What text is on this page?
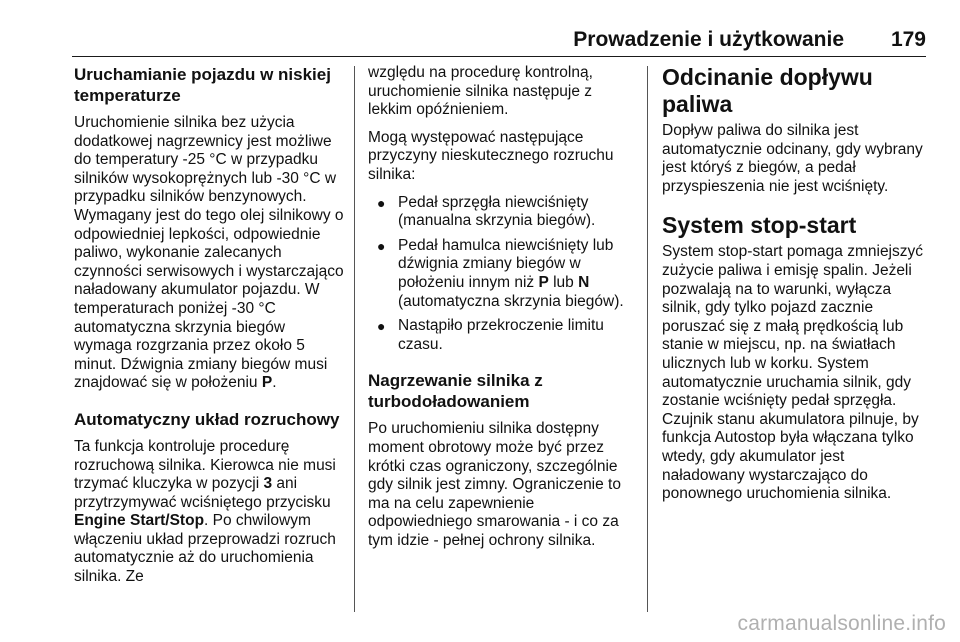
Prowadzenie i użytkowanie 179
Uruchamianie pojazdu w niskiej temperaturze

Uruchomienie silnika bez użycia dodatkowej nagrzewnicy jest możliwe do temperatury -25 °C w przypadku silników wysokoprężnych lub -30 °C w przypadku silników benzynowych. Wymagany jest do tego olej silnikowy o odpowiedniej lepkości, odpowiednie paliwo, wykonanie zalecanych czynności serwisowych i wystarczająco naładowany akumulator pojazdu. W temperaturach poniżej -30 °C automatyczna skrzynia biegów wymaga rozgrzania przez około 5 minut. Dźwignia zmiany biegów musi znajdować się w położeniu P.

Automatyczny układ rozruchowy

Ta funkcja kontroluje procedurę rozruchową silnika. Kierowca nie musi trzymać kluczyka w pozycji 3 ani przytrzymywać wciśniętego przycisku Engine Start/Stop. Po chwilowym włączeniu układ przeprowadzi rozruch automatycznie aż do uruchomienia silnika. Ze

względu na procedurę kontrolną, uruchomienie silnika następuje z lekkim opóźnieniem.

Mogą występować następujące przyczyny nieskutecznego rozruchu silnika:

● Pedał sprzęgła niewciśnięty (manualna skrzynia biegów).
● Pedał hamulca niewciśnięty lub dźwignia zmiany biegów w położeniu innym niż P lub N (automatyczna skrzynia biegów).
● Nastąpiło przekroczenie limitu czasu.
Nagrzewanie silnika z turbodoładowaniem

Po uruchomieniu silnika dostępny moment obrotowy może być przez krótki czas ograniczony, szczególnie gdy silnik jest zimny. Ograniczenie to ma na celu zapewnienie odpowiedniego smarowania - i co za tym idzie - pełnej ochrony silnika.

Odcinanie dopływu paliwa

Dopływ paliwa do silnika jest automatycznie odcinany, gdy wybrany jest któryś z biegów, a pedał przyspieszenia nie jest wciśnięty.

System stop-start

System stop-start pomaga zmniejszyć zużycie paliwa i emisję spalin. Jeżeli pozwalają na to warunki, wyłącza silnik, gdy tylko pojazd zacznie poruszać się z małą prędkością lub stanie w miejscu, np. na światłach ulicznych lub w korku. System automatycznie uruchamia silnik, gdy zostanie wciśnięty pedał sprzęgła. Czujnik stanu akumulatora pilnuje, by funkcja Autostop była włączana tylko wtedy, gdy akumulator jest naładowany wystarczająco do ponownego uruchomienia silnika.

carmanualsonline.info
